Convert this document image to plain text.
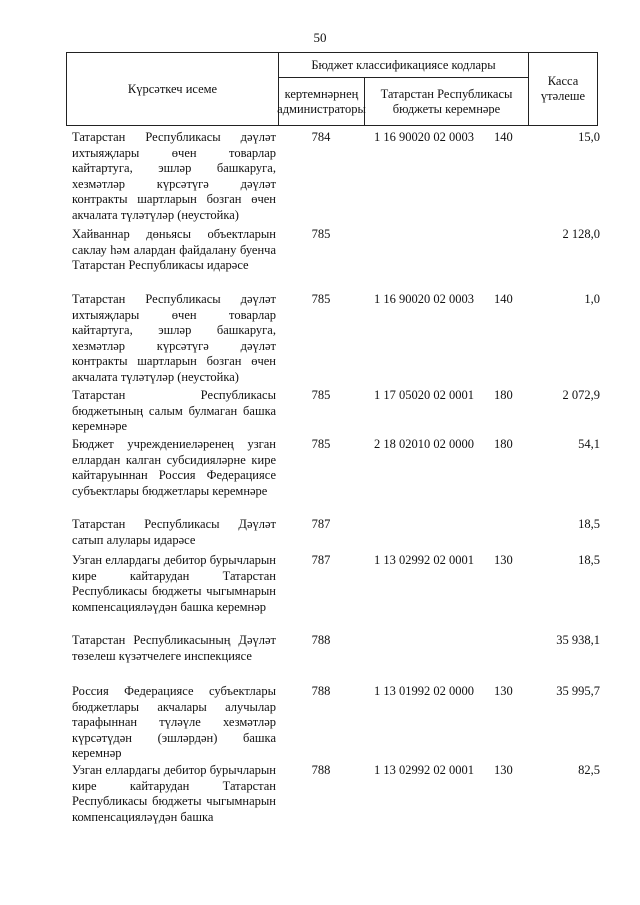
50
Күрсәткеч исеме
Бюджет классификациясе кодлары
кертемнәрнең администраторы
Татарстан Республикасы бюджеты керемнәре
Касса үтәлеше
Татарстан Республикасы дәүләт ихтыяҗлары өчен товарлар кайтартуга, эшләр башкаруга, хезмәтләр күрсәтүгә дәүләт контракты шартларын бозган өчен акчалата түләтүләр (неустойка)
784	1 16 90020 02 0003 140	15,0
Хайваннар дөньясы объектларын саклау һәм алардан файдалану буенча Татарстан Республикасы идарәсе
785	2 128,0
Татарстан Республикасы дәүләт ихтыяҗлары өчен товарлар кайтартуга, эшләр башкаруга, хезмәтләр күрсәтүгә дәүләт контракты шартларын бозган өчен акчалата түләтүләр (неустойка)
785	1 16 90020 02 0003 140	1,0
Татарстан Республикасы бюджетының салым булмаган башка керемнәре
785	1 17 05020 02 0001 180	2 072,9
Бюджет учреждениеләренең узган еллардан калган субсидияләрне кире кайтаруыннан Россия Федерациясе субъектлары бюджетлары керемнәре
785	2 18 02010 02 0000 180	54,1
Татарстан Республикасы Дәүләт сатып алулары идарәсе
787	18,5
Узган еллардагы дебитор бурычларын кире кайтарудан Татарстан Республикасы бюджеты чыгымнарын компенсацияләүдән башка керемнәр
787	1 13 02992 02 0001 130	18,5
Татарстан Республикасының Дәүләт төзелеш күзәтчелеге инспекциясе
788	35 938,1
Россия Федерациясе субъектлары бюджетлары акчалары алучылар тарафыннан түләүле хезмәтләр күрсәтүдән (эшләрдән) башка керемнәр
788	1 13 01992 02 0000 130	35 995,7
Узган еллардагы дебитор бурычларын кире кайтарудан Татарстан Республикасы бюджеты чыгымнарын компенсацияләүдән башка
788	1 13 02992 02 0001 130	82,5
